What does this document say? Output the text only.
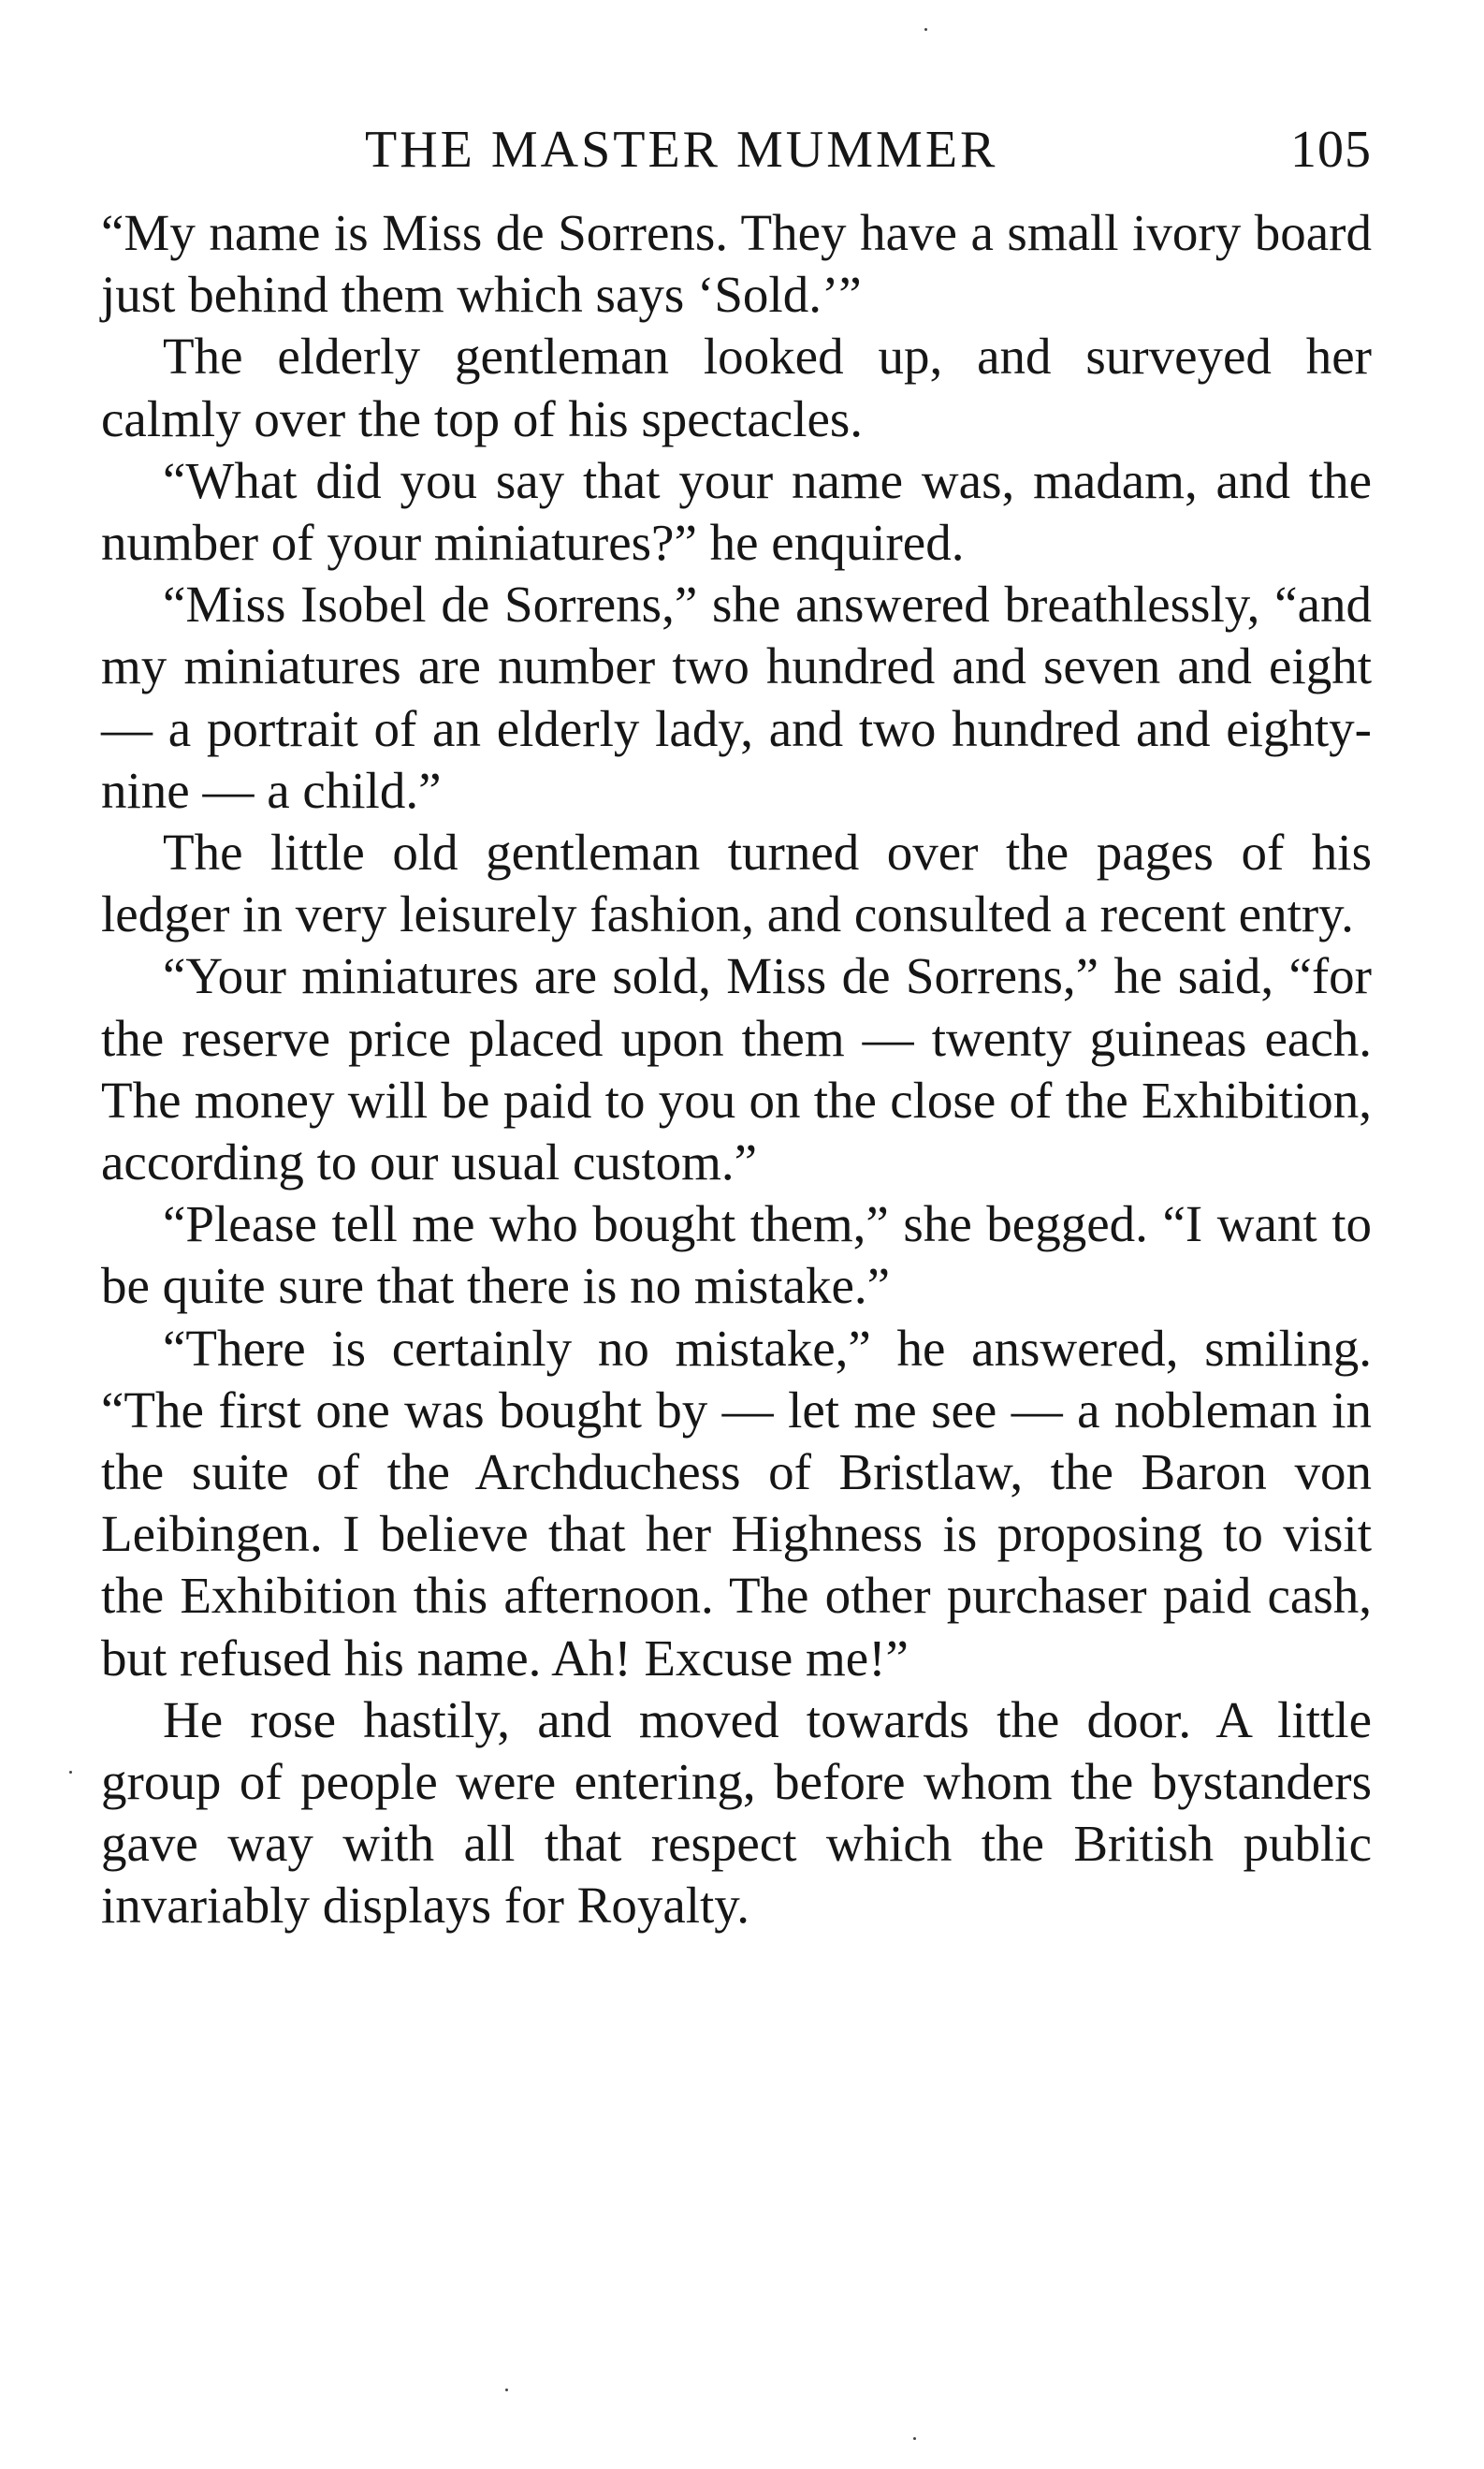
THE MASTER MUMMER	105

“My name is Miss de Sorrens. They have a small ivory board just behind them which says ‘Sold.’”

The elderly gentleman looked up, and surveyed her calmly over the top of his spectacles.

“What did you say that your name was, madam, and the number of your miniatures?” he enquired.

“Miss Isobel de Sorrens,” she answered breathlessly, “and my miniatures are number two hundred and seven and eight — a portrait of an elderly lady, and two hundred and eighty-nine — a child.”

The little old gentleman turned over the pages of his ledger in very leisurely fashion, and consulted a recent entry.

“Your miniatures are sold, Miss de Sorrens,” he said, “for the reserve price placed upon them — twenty guineas each. The money will be paid to you on the close of the Exhibition, according to our usual custom.”

“Please tell me who bought them,” she begged. “I want to be quite sure that there is no mistake.”

“There is certainly no mistake,” he answered, smiling. “The first one was bought by — let me see — a nobleman in the suite of the Archduchess of Bristlaw, the Baron von Leibingen. I believe that her Highness is proposing to visit the Exhibition this afternoon. The other purchaser paid cash, but refused his name. Ah! Excuse me!”

He rose hastily, and moved towards the door. A little group of people were entering, before whom the bystanders gave way with all that respect which the British public invariably displays for Royalty.
